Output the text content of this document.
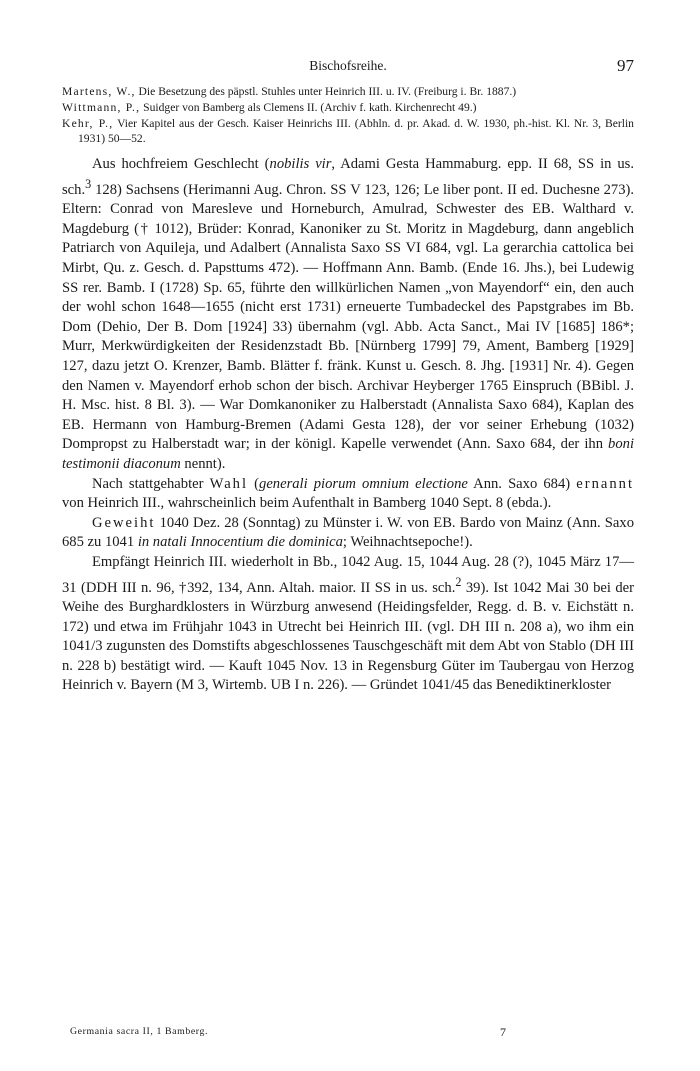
Bischofsreihe.	97
Martens, W., Die Besetzung des päpstl. Stuhles unter Heinrich III. u. IV. (Freiburg i. Br. 1887.)
Wittmann, P., Suidger von Bamberg als Clemens II. (Archiv f. kath. Kirchenrecht 49.)
Kehr, P., Vier Kapitel aus der Gesch. Kaiser Heinrichs III. (Abhln. d. pr. Akad. d. W. 1930, ph.-hist. Kl. Nr. 3, Berlin 1931) 50—52.

Aus hochfreiem Geschlecht (nobilis vir, Adami Gesta Hammaburg. epp. II 68, SS in us. sch.$^3$ 128) Sachsens (Herimanni Aug. Chron. SS V 123, 126; Le liber pont. II ed. Duchesne 273). Eltern: Conrad von Maresleve und Horneburch, Amulrad, Schwester des EB. Walthard v. Magdeburg († 1012), Brüder: Konrad, Kanoniker zu St. Moritz in Magdeburg, dann angeblich Patriarch von Aquileja, und Adalbert (Annalista Saxo SS VI 684, vgl. La gerarchia cattolica bei Mirbt, Qu. z. Gesch. d. Papsttums 472). — Hoffmann Ann. Bamb. (Ende 16. Jhs.), bei Ludewig SS rer. Bamb. I (1728) Sp. 65, führte den willkürlichen Namen „von Mayendorf“ ein, den auch der wohl schon 1648—1655 (nicht erst 1731) erneuerte Tumbadeckel des Papstgrabes im Bb. Dom (Dehio, Der B. Dom [1924] 33) übernahm (vgl. Abb. Acta Sanct., Mai IV [1685] 186*; Murr, Merkwürdigkeiten der Residenzstadt Bb. [Nürnberg 1799] 79, Ament, Bamberg [1929] 127, dazu jetzt O. Krenzer, Bamb. Blätter f. fränk. Kunst u. Gesch. 8. Jhg. [1931] Nr. 4). Gegen den Namen v. Mayendorf erhob schon der bisch. Archivar Heyberger 1765 Einspruch (BBibl. J. H. Msc. hist. 8 Bl. 3). — War Domkanoniker zu Halberstadt (Annalista Saxo 684), Kaplan des EB. Hermann von Hamburg-Bremen (Adami Gesta 128), der vor seiner Erhebung (1032) Dompropst zu Halberstadt war; in der königl. Kapelle verwendet (Ann. Saxo 684, der ihn boni testimonii diaconum nennt).

Nach stattgehabter Wahl (generali piorum omnium electione Ann. Saxo 684) ernannt von Heinrich III., wahrscheinlich beim Aufenthalt in Bamberg 1040 Sept. 8 (ebda.).

Geweiht 1040 Dez. 28 (Sonntag) zu Münster i. W. von EB. Bardo von Mainz (Ann. Saxo 685 zu 1041 in natali Innocentium die dominica; Weihnachtsepoche!).

Empfängt Heinrich III. wiederholt in Bb., 1042 Aug. 15, 1044 Aug. 28 (?), 1045 März 17—31 (DDH III n. 96, †392, 134, Ann. Altah. maior. II SS in us. sch.$^2$ 39). Ist 1042 Mai 30 bei der Weihe des Burghardklosters in Würzburg anwesend (Heidingsfelder, Regg. d. B. v. Eichstätt n. 172) und etwa im Frühjahr 1043 in Utrecht bei Heinrich III. (vgl. DH III n. 208 a), wo ihm ein 1041/3 zugunsten des Domstifts abgeschlossenes Tauschgeschäft mit dem Abt von Stablo (DH III n. 228 b) bestätigt wird. — Kauft 1045 Nov. 13 in Regensburg Güter im Taubergau von Herzog Heinrich v. Bayern (M 3, Wirtemb. UB I n. 226). — Gründet 1041/45 das Benediktinerkloster

Germania sacra II, 1 Bamberg.	7
